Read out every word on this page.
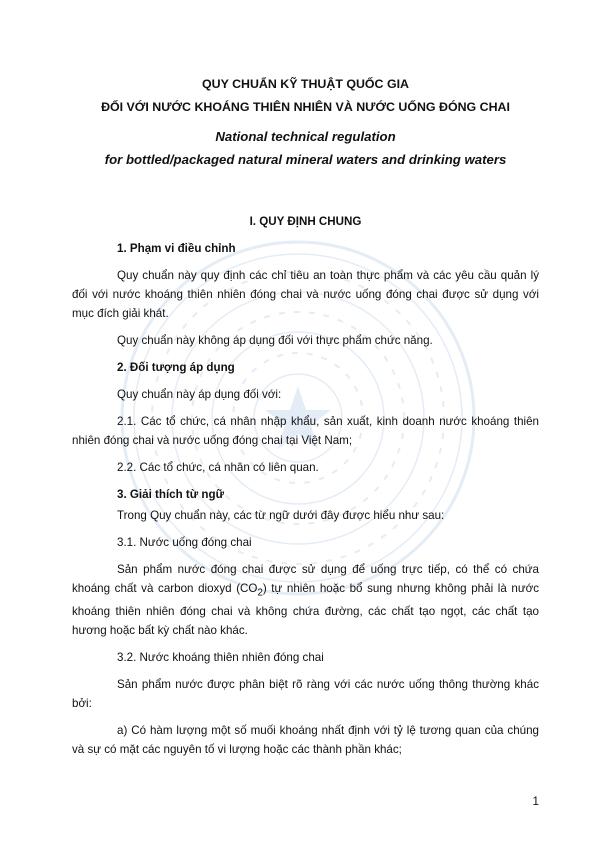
QUY CHUẨN KỸ THUẬT QUỐC GIA
ĐỐI VỚI NƯỚC KHOÁNG THIÊN NHIÊN VÀ NƯỚC UỐNG ĐÓNG CHAI
National technical regulation
for bottled/packaged natural mineral waters and drinking waters
I. QUY ĐỊNH CHUNG
1. Phạm vi điều chỉnh

Quy chuẩn này quy định các chỉ tiêu an toàn thực phẩm và các yêu cầu quản lý đối với nước khoáng thiên nhiên đóng chai và nước uống đóng chai được sử dụng với mục đích giải khát.

Quy chuẩn này không áp dụng đối với thực phẩm chức năng.

2. Đối tượng áp dụng

Quy chuẩn này áp dụng đối với:

2.1. Các tổ chức, cá nhân nhập khẩu, sản xuất, kinh doanh nước khoáng thiên nhiên đóng chai và nước uống đóng chai tại Việt Nam;

2.2. Các tổ chức, cá nhân có liên quan.

3. Giải thích từ ngữ

Trong Quy chuẩn này, các từ ngữ dưới đây được hiểu như sau:

3.1. Nước uống đóng chai

Sản phẩm nước đóng chai được sử dụng để uống trực tiếp, có thể có chứa khoáng chất và carbon dioxyd $(CO_2)$ tự nhiên hoặc bổ sung nhưng không phải là nước khoáng thiên nhiên đóng chai và không chứa đường, các chất tạo ngọt, các chất tạo hương hoặc bất kỳ chất nào khác.

3.2. Nước khoáng thiên nhiên đóng chai

Sản phẩm nước được phân biệt rõ ràng với các nước uống thông thường khác bởi:

a) Có hàm lượng một số muối khoáng nhất định với tỷ lệ tương quan của chúng và sự có mặt các nguyên tố vi lượng hoặc các thành phần khác;

1
